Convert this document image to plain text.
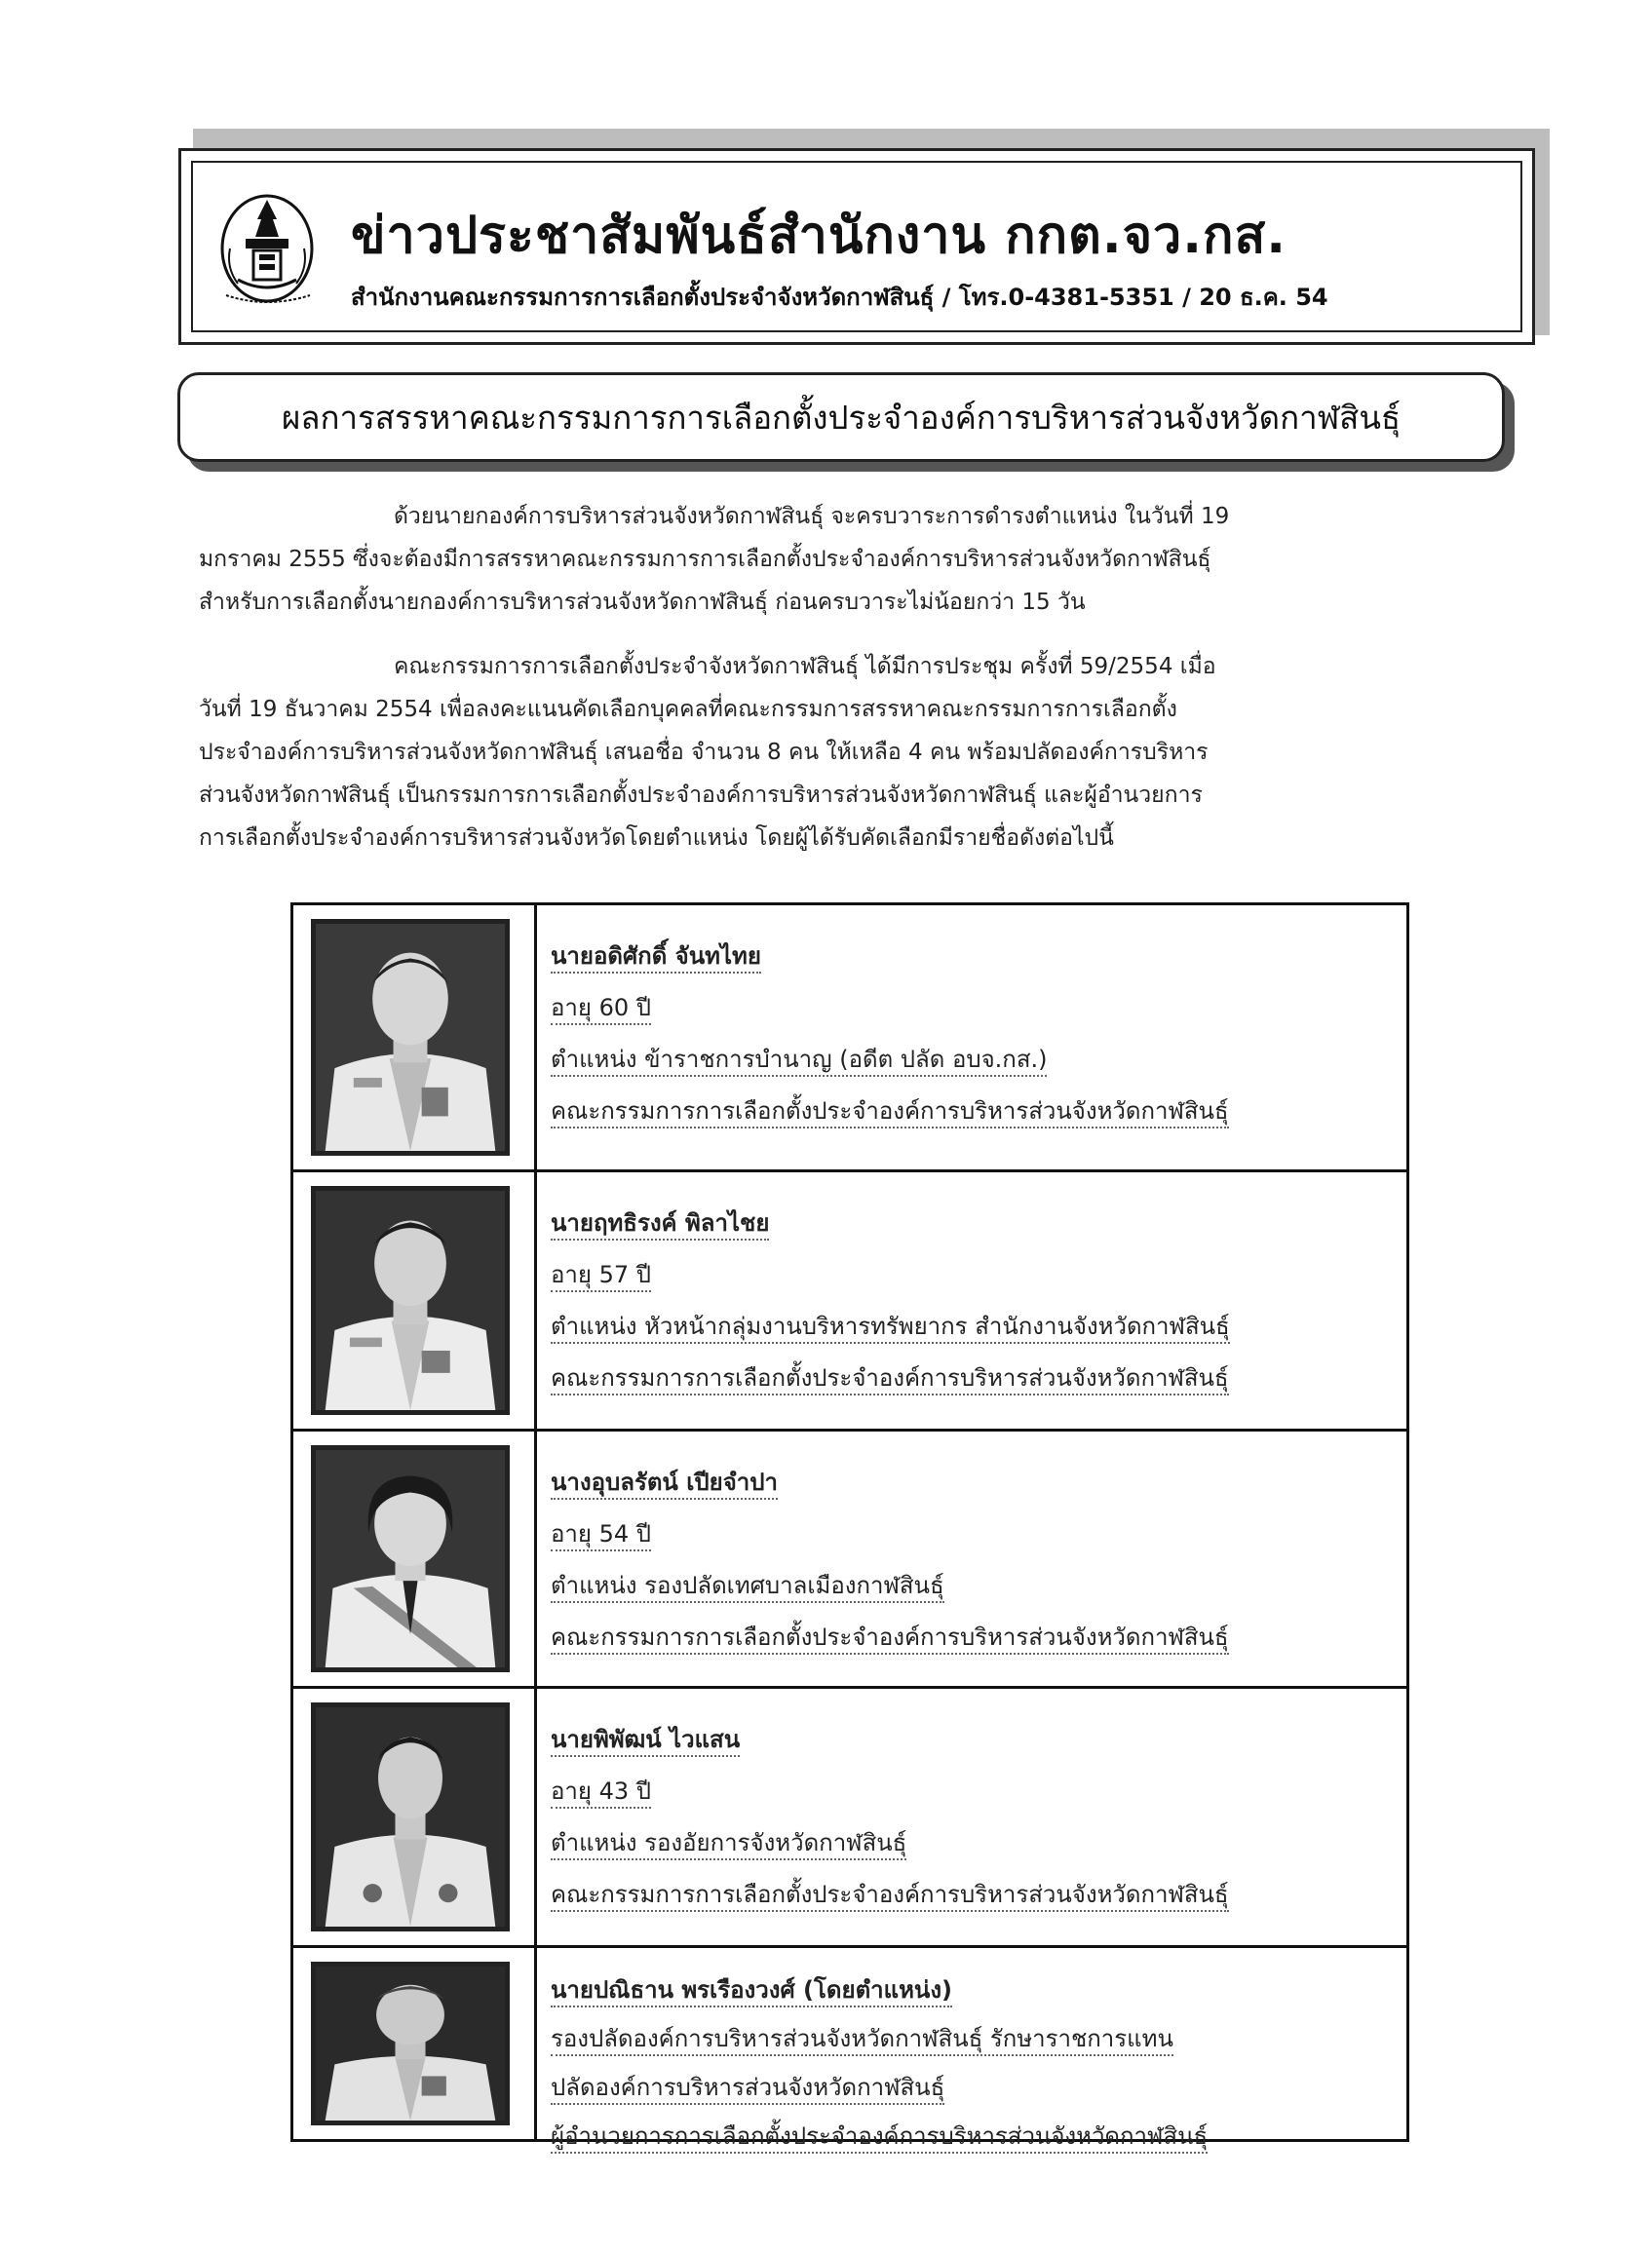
ข่าวประชาสัมพันธ์สำนักงาน กกต.จว.กส.
สำนักงานคณะกรรมการการเลือกตั้งประจำจังหวัดกาฬสินธุ์ / โทร.0-4381-5351 / 20 ธ.ค. 54
ผลการสรรหาคณะกรรมการการเลือกตั้งประจำองค์การบริหารส่วนจังหวัดกาฬสินธุ์
ด้วยนายกองค์การบริหารส่วนจังหวัดกาฬสินธุ์ จะครบวาระการดำรงตำแหน่ง ในวันที่ 19
มกราคม 2555 ซึ่งจะต้องมีการสรรหาคณะกรรมการการเลือกตั้งประจำองค์การบริหารส่วนจังหวัดกาฬสินธุ์
สำหรับการเลือกตั้งนายกองค์การบริหารส่วนจังหวัดกาฬสินธุ์ ก่อนครบวาระไม่น้อยกว่า 15 วัน
คณะกรรมการการเลือกตั้งประจำจังหวัดกาฬสินธุ์ ได้มีการประชุม ครั้งที่ 59/2554 เมื่อ
วันที่ 19 ธันวาคม 2554 เพื่อลงคะแนนคัดเลือกบุคคลที่คณะกรรมการสรรหาคณะกรรมการการเลือกตั้ง
ประจำองค์การบริหารส่วนจังหวัดกาฬสินธุ์ เสนอชื่อ จำนวน 8 คน ให้เหลือ 4 คน พร้อมปลัดองค์การบริหาร
ส่วนจังหวัดกาฬสินธุ์ เป็นกรรมการการเลือกตั้งประจำองค์การบริหารส่วนจังหวัดกาฬสินธุ์ และผู้อำนวยการ
การเลือกตั้งประจำองค์การบริหารส่วนจังหวัดโดยตำแหน่ง โดยผู้ได้รับคัดเลือกมีรายชื่อดังต่อไปนี้
นายอดิศักดิ์ จันทไทย
อายุ 60 ปี
ตำแหน่ง ข้าราชการบำนาญ (อดีต ปลัด อบจ.กส.)
คณะกรรมการการเลือกตั้งประจำองค์การบริหารส่วนจังหวัดกาฬสินธุ์
นายฤทธิรงค์ พิลาไชย
อายุ 57 ปี
ตำแหน่ง หัวหน้ากลุ่มงานบริหารทรัพยากร สำนักงานจังหวัดกาฬสินธุ์
คณะกรรมการการเลือกตั้งประจำองค์การบริหารส่วนจังหวัดกาฬสินธุ์
นางอุบลรัตน์ เปียจำปา
อายุ 54 ปี
ตำแหน่ง รองปลัดเทศบาลเมืองกาฬสินธุ์
คณะกรรมการการเลือกตั้งประจำองค์การบริหารส่วนจังหวัดกาฬสินธุ์
นายพิพัฒน์ ไวแสน
อายุ 43 ปี
ตำแหน่ง รองอัยการจังหวัดกาฬสินธุ์
คณะกรรมการการเลือกตั้งประจำองค์การบริหารส่วนจังหวัดกาฬสินธุ์
นายปณิธาน พรเรืองวงศ์ (โดยตำแหน่ง)
รองปลัดองค์การบริหารส่วนจังหวัดกาฬสินธุ์ รักษาราชการแทน
ปลัดองค์การบริหารส่วนจังหวัดกาฬสินธุ์
ผู้อำนวยการการเลือกตั้งประจำองค์การบริหารส่วนจังหวัดกาฬสินธุ์
